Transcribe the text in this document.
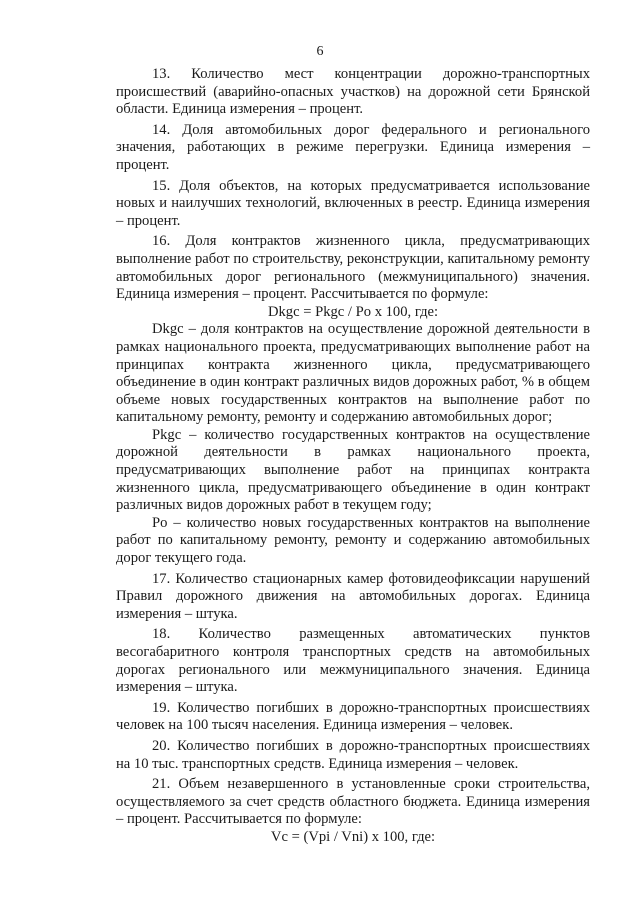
6

13. Количество мест концентрации дорожно-транспортных происшествий (аварийно-опасных участков) на дорожной сети Брянской области. Единица измерения – процент.

14. Доля автомобильных дорог федерального и регионального значения, работающих в режиме перегрузки. Единица измерения – процент.

15. Доля объектов, на которых предусматривается использование новых и наилучших технологий, включенных в реестр. Единица измерения – процент.

16. Доля контрактов жизненного цикла, предусматривающих выполнение работ по строительству, реконструкции, капитальному ремонту автомобильных дорог регионального (межмуниципального) значения. Единица измерения – процент. Рассчитывается по формуле:

Dkgc = Pkgc / Po x 100, где:

Dkgc – доля контрактов на осуществление дорожной деятельности в рамках национального проекта, предусматривающих выполнение работ на принципах контракта жизненного цикла, предусматривающего объединение в один контракт различных видов дорожных работ, % в общем объеме новых государственных контрактов на выполнение работ по капитальному ремонту, ремонту и содержанию автомобильных дорог;

Pkgc – количество государственных контрактов на осуществление дорожной деятельности в рамках национального проекта, предусматривающих выполнение работ на принципах контракта жизненного цикла, предусматривающего объединение в один контракт различных видов дорожных работ в текущем году;

Po – количество новых государственных контрактов на выполнение работ по капитальному ремонту, ремонту и содержанию автомобильных дорог текущего года.

17. Количество стационарных камер фотовидеофиксации нарушений Правил дорожного движения на автомобильных дорогах. Единица измерения – штука.

18. Количество размещенных автоматических пунктов весогабаритного контроля транспортных средств на автомобильных дорогах регионального или межмуниципального значения. Единица измерения – штука.

19. Количество погибших в дорожно-транспортных происшествиях человек на 100 тысяч населения. Единица измерения – человек.

20. Количество погибших в дорожно-транспортных происшествиях на 10 тыс. транспортных средств. Единица измерения – человек.

21. Объем незавершенного в установленные сроки строительства, осуществляемого за счет средств областного бюджета. Единица измерения – процент. Рассчитывается по формуле:

Vc = (Vpi / Vni) x 100, где:
